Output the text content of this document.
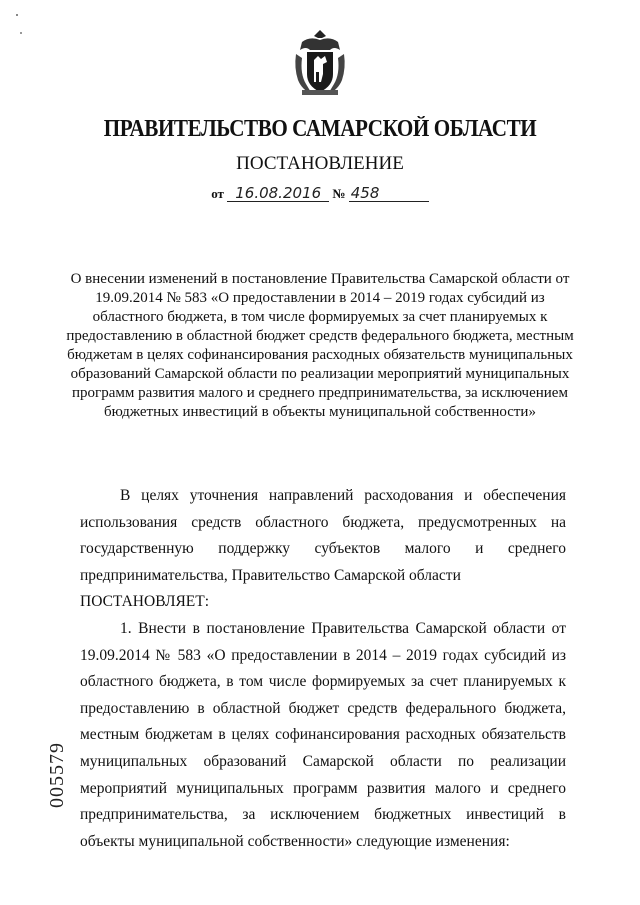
ПРАВИТЕЛЬСТВО САМАРСКОЙ ОБЛАСТИ
ПОСТАНОВЛЕНИЕ
от 16.08.2016 № 458
О внесении изменений в постановление Правительства Самарской области от 19.09.2014 № 583 «О предоставлении в 2014 – 2019 годах субсидий из областного бюджета, в том числе формируемых за счет планируемых к предоставлению в областной бюджет средств федерального бюджета, местным бюджетам в целях софинансирования расходных обязательств муниципальных образований Самарской области по реализации мероприятий муниципальных программ развития малого и среднего предпринимательства, за исключением бюджетных инвестиций в объекты муниципальной собственности»

В целях уточнения направлений расходования и обеспечения использования средств областного бюджета, предусмотренных на государственную поддержку субъектов малого и среднего предпринимательства, Правительство Самарской области

ПОСТАНОВЛЯЕТ:

1. Внести в постановление Правительства Самарской области от 19.09.2014 № 583 «О предоставлении в 2014 – 2019 годах субсидий из областного бюджета, в том числе формируемых за счет планируемых к предоставлению в областной бюджет средств федерального бюджета, местным бюджетам в целях софинансирования расходных обязательств муниципальных образований Самарской области по реализации мероприятий муниципальных программ развития малого и среднего предпринимательства, за исключением бюджетных инвестиций в объекты муниципальной собственности» следующие изменения:

005579
